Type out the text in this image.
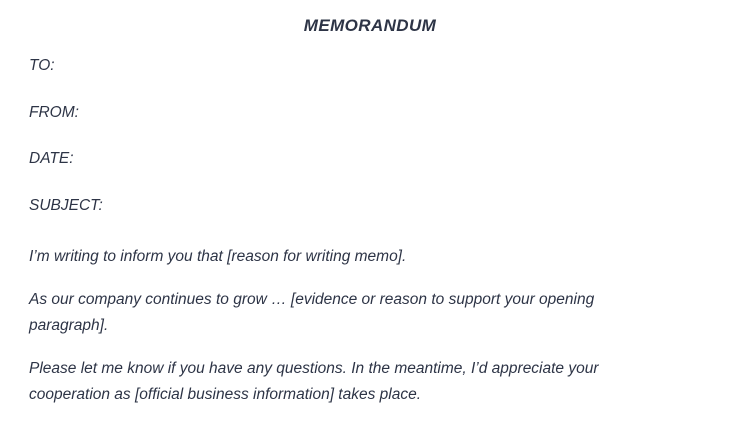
MEMORANDUM
TO:
FROM:
DATE:
SUBJECT:

I’m writing to inform you that [reason for writing memo].

As our company continues to grow … [evidence or reason to support your opening paragraph].

Please let me know if you have any questions. In the meantime, I’d appreciate your cooperation as [official business information] takes place.
